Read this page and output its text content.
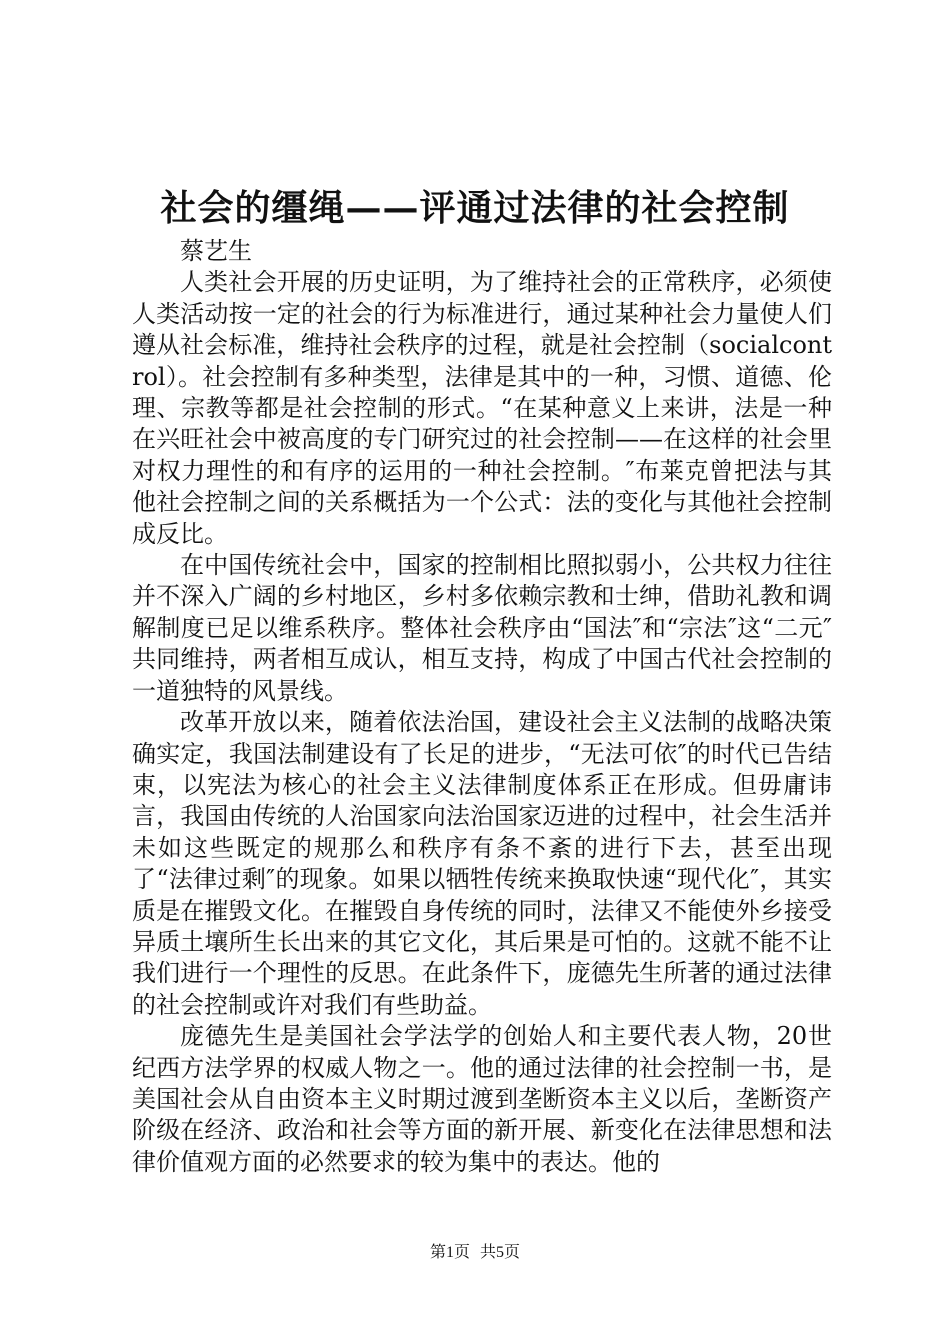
社会的缰绳——评通过法律的社会控制

蔡艺生

人类社会开展的历史证明，为了维持社会的正常秩序，必须使人类活动按一定的社会的行为标准进行，通过某种社会力量使人们遵从社会标准，维持社会秩序的过程，就是社会控制（socialcontrol）。社会控制有多种类型，法律是其中的一种，习惯、道德、伦理、宗教等都是社会控制的形式。“在某种意义上来讲，法是一种在兴旺社会中被高度的专门研究过的社会控制——在这样的社会里对权力理性的和有序的运用的一种社会控制。″布莱克曾把法与其他社会控制之间的关系概括为一个公式：法的变化与其他社会控制成反比。

在中国传统社会中，国家的控制相比照拟弱小，公共权力往往并不深入广阔的乡村地区，乡村多依赖宗教和士绅，借助礼教和调解制度已足以维系秩序。整体社会秩序由“国法″和“宗法″这“二元″共同维持，两者相互成认，相互支持，构成了中国古代社会控制的一道独特的风景线。

改革开放以来，随着依法治国，建设社会主义法制的战略决策确实定，我国法制建设有了长足的进步，“无法可依″的时代已告结束，以宪法为核心的社会主义法律制度体系正在形成。但毋庸讳言，我国由传统的人治国家向法治国家迈进的过程中，社会生活并未如这些既定的规那么和秩序有条不紊的进行下去，甚至出现了“法律过剩″的现象。如果以牺牲传统来换取快速“现代化″，其实质是在摧毁文化。在摧毁自身传统的同时，法律又不能使外乡接受异质土壤所生长出来的其它文化，其后果是可怕的。这就不能不让我们进行一个理性的反思。在此条件下，庞德先生所著的通过法律的社会控制或许对我们有些助益。

庞德先生是美国社会学法学的创始人和主要代表人物，20世纪西方法学界的权威人物之一。他的通过法律的社会控制一书，是美国社会从自由资本主义时期过渡到垄断资本主义以后，垄断资产阶级在经济、政治和社会等方面的新开展、新变化在法律思想和法律价值观方面的必然要求的较为集中的表达。他的

第1页 共5页
